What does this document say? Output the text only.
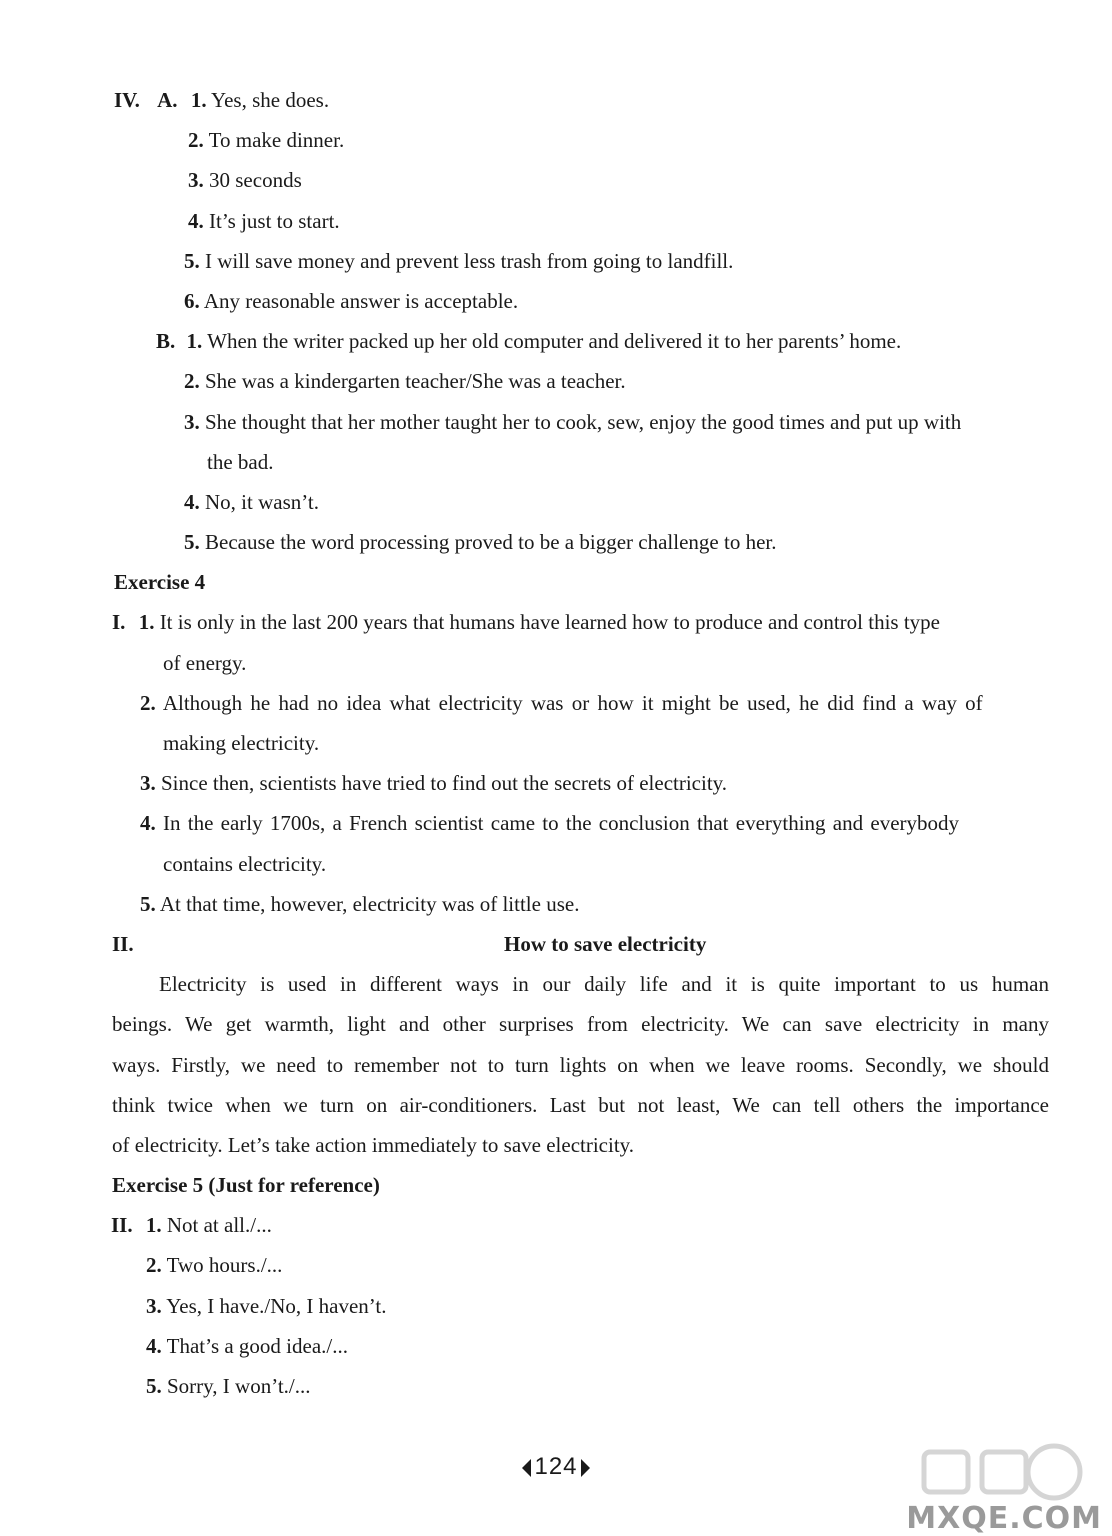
IV. A. 1. Yes, she does.
2. To make dinner.
3. 30 seconds
4. It’s just to start.
5. I will save money and prevent less trash from going to landfill.
6. Any reasonable answer is acceptable.
B. 1. When the writer packed up her old computer and delivered it to her parents’ home.
2. She was a kindergarten teacher/She was a teacher.
3. She thought that her mother taught her to cook, sew, enjoy the good times and put up with
the bad.
4. No, it wasn’t.
5. Because the word processing proved to be a bigger challenge to her.
Exercise 4
I. 1. It is only in the last 200 years that humans have learned how to produce and control this type
of energy.
2. Although he had no idea what electricity was or how it might be used, he did find a way of
making electricity.
3. Since then, scientists have tried to find out the secrets of electricity.
4. In the early 1700s, a French scientist came to the conclusion that everything and everybody
contains electricity.
5. At that time, however, electricity was of little use.
II.	How to save electricity
Electricity is used in different ways in our daily life and it is quite important to us human
beings. We get warmth, light and other surprises from electricity. We can save electricity in many
ways. Firstly, we need to remember not to turn lights on when we leave rooms. Secondly, we should
think twice when we turn on air-conditioners. Last but not least, We can tell others the importance
of electricity. Let’s take action immediately to save electricity.
Exercise 5 (Just for reference)
II. 1. Not at all./...
2. Two hours./...
3. Yes, I have./No, I haven’t.
4. That’s a good idea./...
5. Sorry, I won’t./...
124
MXQE.COM
